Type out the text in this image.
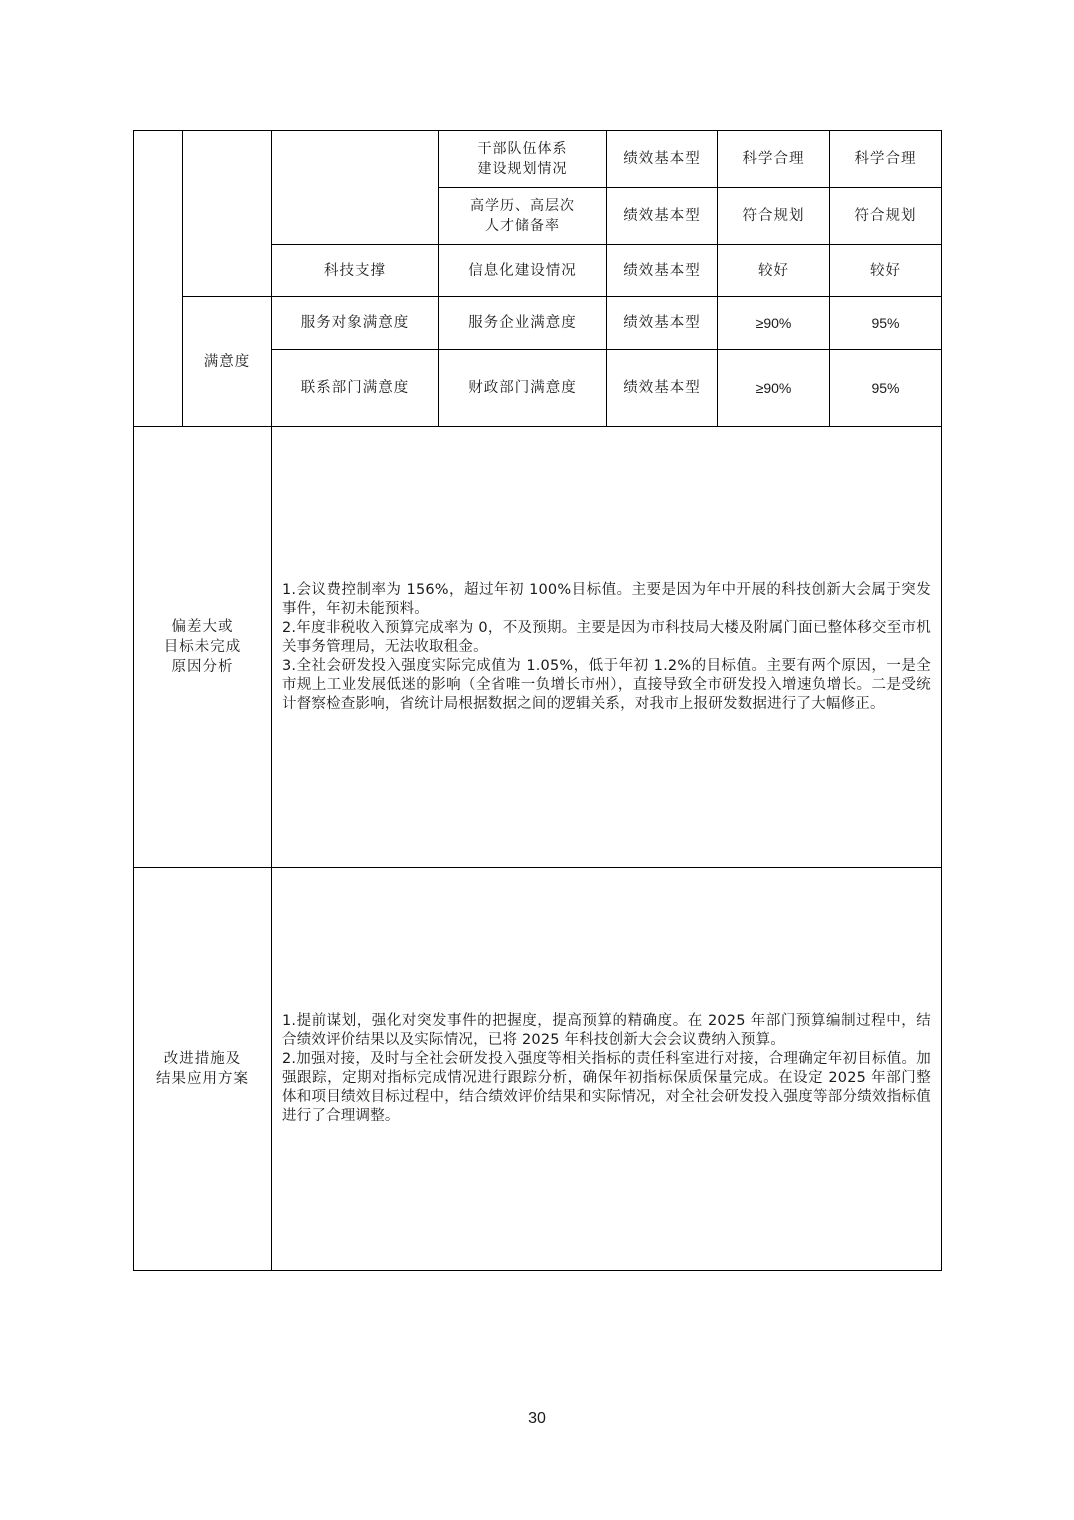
干部队伍体系
建设规划情况
绩效基本型	科学合理	科学合理
高学历、高层次
人才储备率
绩效基本型	符合规划	符合规划
科技支撑	信息化建设情况	绩效基本型	较好	较好
满意度
服务对象满意度	服务企业满意度	绩效基本型	≥90%	95%
联系部门满意度	财政部门满意度	绩效基本型	≥90%	95%
偏差大或
目标未完成
原因分析
1.会议费控制率为 156%，超过年初 100%目标值。主要是因为年中开展的科技创新大会属于突发事件，年初未能预料。
2.年度非税收入预算完成率为 0，不及预期。主要是因为市科技局大楼及附属门面已整体移交至市机关事务管理局，无法收取租金。
3.全社会研发投入强度实际完成值为 1.05%，低于年初 1.2%的目标值。主要有两个原因，一是全市规上工业发展低迷的影响（全省唯一负增长市州），直接导致全市研发投入增速负增长。二是受统计督察检查影响，省统计局根据数据之间的逻辑关系，对我市上报研发数据进行了大幅修正。
改进措施及
结果应用方案
1.提前谋划，强化对突发事件的把握度，提高预算的精确度。在 2025 年部门预算编制过程中，结合绩效评价结果以及实际情况，已将 2025 年科技创新大会会议费纳入预算。
2.加强对接，及时与全社会研发投入强度等相关指标的责任科室进行对接，合理确定年初目标值。加强跟踪，定期对指标完成情况进行跟踪分析，确保年初指标保质保量完成。在设定 2025 年部门整体和项目绩效目标过程中，结合绩效评价结果和实际情况，对全社会研发投入强度等部分绩效指标值进行了合理调整。
30
